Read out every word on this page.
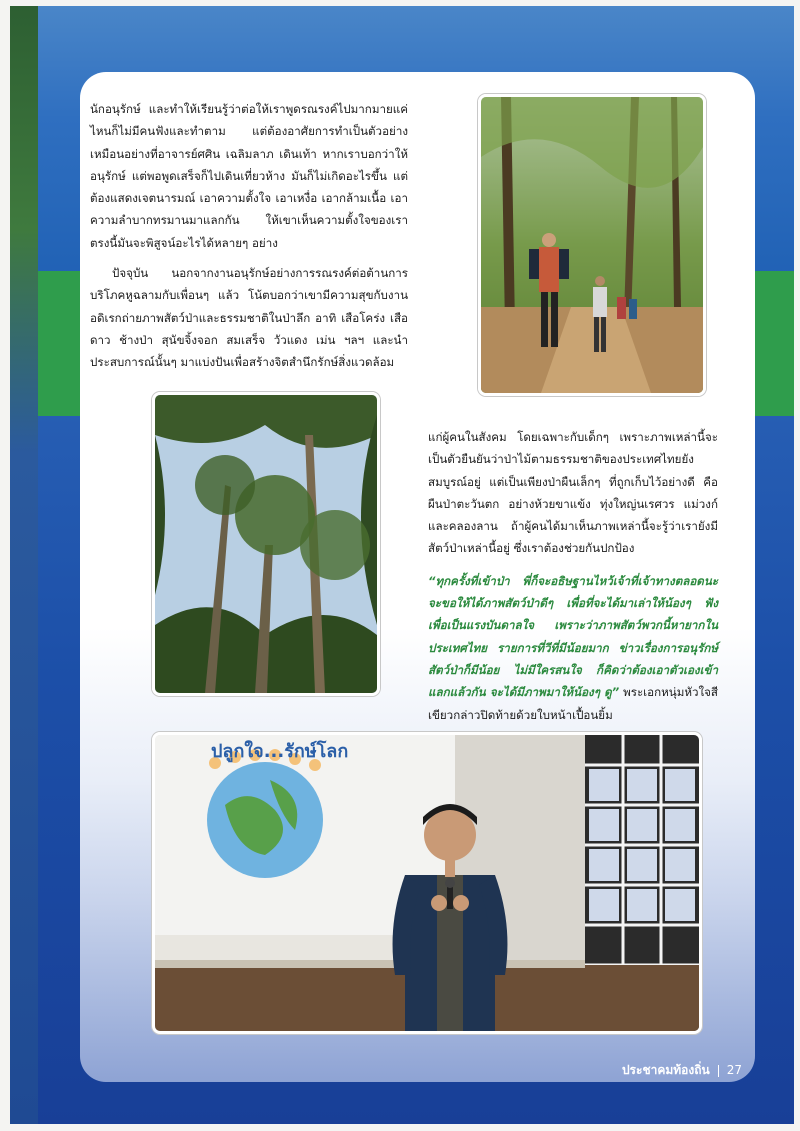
นักอนุรักษ์ และทำให้เรียนรู้ว่าต่อให้เราพูดรณรงค์ไปมากมายแค่ไหนก็ไม่มีคนฟังและทำตาม แต่ต้องอาศัยการทำเป็นตัวอย่างเหมือนอย่างที่อาจารย์ศศิน เฉลิมลาภ เดินเท้า หากเราบอกว่าให้อนุรักษ์ แต่พอพูดเสร็จก็ไปเดินเที่ยวห้าง มันก็ไม่เกิดอะไรขึ้น แต่ต้องแสดงเจตนารมณ์ เอาความตั้งใจ เอาเหงื่อ เอากล้ามเนื้อ เอาความลำบากทรมานมาแลกกัน ให้เขาเห็นความตั้งใจของเรา ตรงนี้มันจะพิสูจน์อะไรได้หลายๆ อย่าง

ปัจจุบัน นอกจากงานอนุรักษ์อย่างการรณรงค์ต่อต้านการบริโภคหูฉลามกับเพื่อนๆ แล้ว โน้ตบอกว่าเขามีความสุขกับงานอดิเรกถ่ายภาพสัตว์ป่าและธรรมชาติในป่าลึก อาทิ เสือโคร่ง เสือดาว ช้างป่า สุนัขจิ้งจอก สมเสร็จ วัวแดง เม่น ฯลฯ และนำประสบการณ์นั้นๆ มาแบ่งปันเพื่อสร้างจิตสำนึกรักษ์สิ่งแวดล้อม

แก่ผู้คนในสังคม โดยเฉพาะกับเด็กๆ เพราะภาพเหล่านี้จะเป็นตัวยืนยันว่าป่าไม้ตามธรรมชาติของประเทศไทยยังสมบูรณ์อยู่ แต่เป็นเพียงป่าผืนเล็กๆ ที่ถูกเก็บไว้อย่างดี คือ ผืนป่าตะวันตก อย่างห้วยขาแข้ง ทุ่งใหญ่นเรศวร แม่วงก์ และคลองลาน ถ้าผู้คนได้มาเห็นภาพเหล่านี้จะรู้ว่าเรายังมีสัตว์ป่าเหล่านี้อยู่ ซึ่งเราต้องช่วยกันปกป้อง

“ทุกครั้งที่เข้าป่า พี่ก็จะอธิษฐานไหว้เจ้าที่เจ้าทางตลอดนะ จะขอให้ได้ภาพสัตว์ป่าดีๆ เพื่อที่จะได้มาเล่าให้น้องๆ ฟัง เพื่อเป็นแรงบันดาลใจ เพราะว่าภาพสัตว์พวกนี้หายากในประเทศไทย รายการที่วีที่มีน้อยมาก ข่าวเรื่องการอนุรักษ์สัตว์ป่าก็มีน้อย ไม่มีใครสนใจ ก็คิดว่าต้องเอาตัวเองเข้าแลกแล้วกัน จะได้มีภาพมาให้น้องๆ ดู” พระเอกหนุ่มหัวใจสีเขียวกล่าวปิดท้ายด้วยใบหน้าเปื้อนยิ้ม

ปลูกใจ...รักษ์โลก
ประชาคมท้องถิ่น 27
